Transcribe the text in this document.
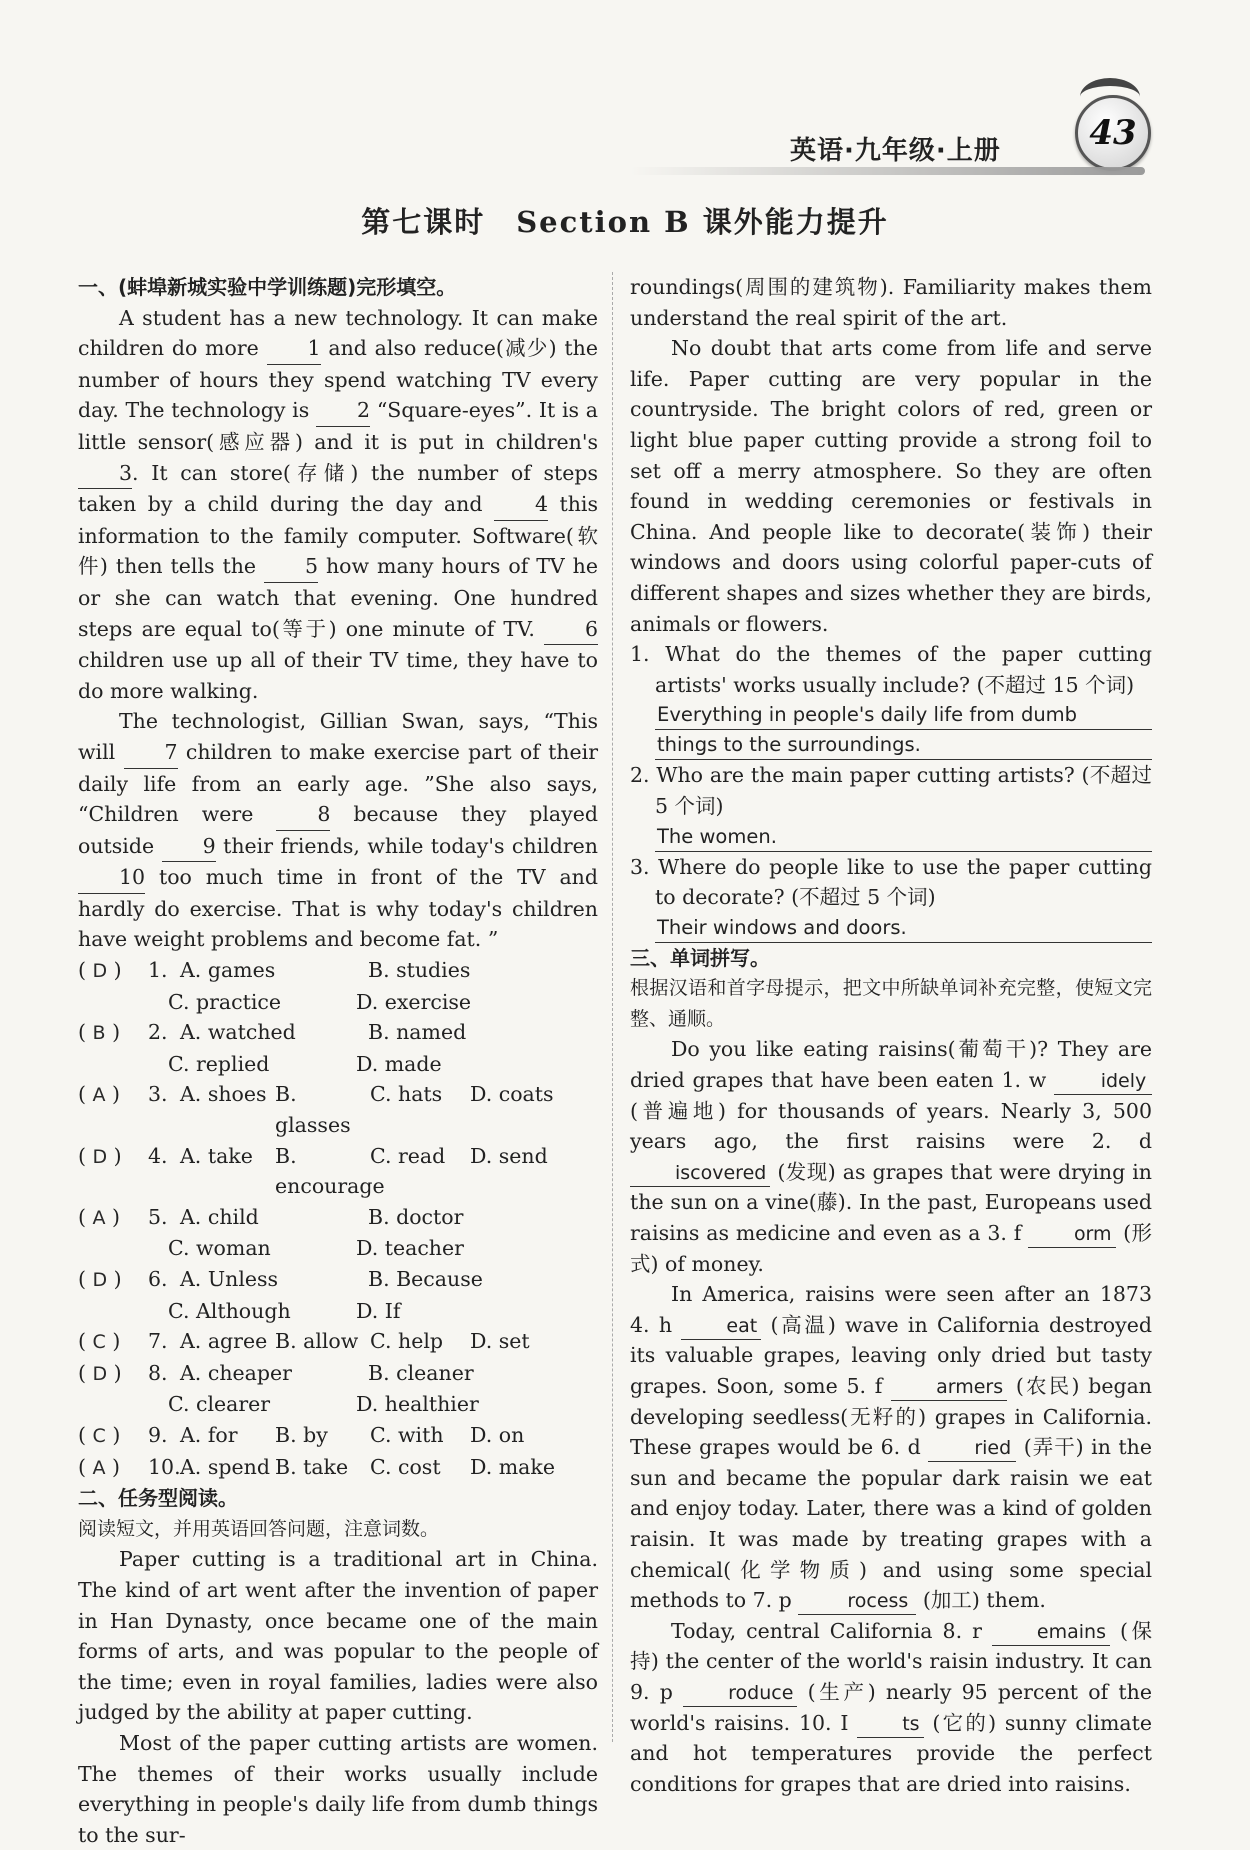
43
英语·九年级·上册
第七课时　Section B 课外能力提升
一、(蚌埠新城实验中学训练题)完形填空。

A student has a new technology. It can make children do more 1 and also reduce(减少) the number of hours they spend watching TV every day. The technology is 2 “Square-eyes”. It is a little sensor(感应器) and it is put in children's 3. It can store(存储) the number of steps taken by a child during the day and 4 this information to the family computer. Software(软件) then tells the 5 how many hours of TV he or she can watch that evening. One hundred steps are equal to(等于) one minute of TV. 6 children use up all of their TV time, they have to do more walking.

The technologist, Gillian Swan, says, “This will 7 children to make exercise part of their daily life from an early age. ”She also says, “Children were 8 because they played outside 9 their friends, while today's children 10 too much time in front of the TV and hardly do exercise. That is why today's children have weight problems and become fat. ”

( D )	1. A. games	B. studies
C. practice	D. exercise
( B )	2. A. watched	B. named
C. replied	D. made
( A )	3. A. shoes B. glasses
C. hats	D. coats
( D )	4. A. take	B. encourage
C. read	D. send
( A )	5. A. child	B. doctor
C. woman	D. teacher
( D )	6. A. Unless	B. Because
C. Although	D. If
( C )	7. A. agree B. allow C. help	D. set
( D )	8. A. cheaper	B. cleaner
C. clearer	D. healthier
( C )	9. A. for	B. by	C. with	D. on
( A )	10. A. spend B. take	C. cost	D. make
二、任务型阅读。
阅读短文，并用英语回答问题，注意词数。

Paper cutting is a traditional art in China. The kind of art went after the invention of paper in Han Dynasty, once became one of the main forms of arts, and was popular to the people of the time; even in royal families, ladies were also judged by the ability at paper cutting.

Most of the paper cutting artists are women. The themes of their works usually include everything in people's daily life from dumb things to the sur-

roundings(周围的建筑物). Familiarity makes them understand the real spirit of the art.

No doubt that arts come from life and serve life. Paper cutting are very popular in the countryside. The bright colors of red, green or light blue paper cutting provide a strong foil to set off a merry atmosphere. So they are often found in wedding ceremonies or festivals in China. And people like to decorate(装饰) their windows and doors using colorful paper-cuts of different shapes and sizes whether they are birds, animals or flowers.

1. What do the themes of the paper cutting artists' works usually include? (不超过 15 个词)

Everything in people's daily life from dumb
things to the surroundings.

2. Who are the main paper cutting artists? (不超过 5 个词)

The women.

3. Where do people like to use the paper cutting to decorate? (不超过 5 个词)

Their windows and doors.
三、单词拼写。

根据汉语和首字母提示，把文中所缺单词补充完整，使短文完整、通顺。

Do you like eating raisins(葡萄干)? They are dried grapes that have been eaten 1. w	idely (普遍地) for thousands of years. Nearly 3, 500 years ago, the first raisins were 2. d iscovered (发现) as grapes that were drying in the sun on a vine(藤). In the past, Europeans used raisins as medicine and even as a 3. f	orm (形式) of money.

In America, raisins were seen after an 1873 4. h	eat (高温) wave in California destroyed its valuable grapes, leaving only dried but tasty grapes. Soon, some 5. f	armers (农民) began developing seedless(无籽的) grapes in California. These grapes would be 6. d	ried (弄干) in the sun and became the popular dark raisin we eat and enjoy today. Later, there was a kind of golden raisin. It was made by treating grapes with a chemical(化学物质) and using some special methods to 7. p	rocess (加工) them.

Today, central California 8. r	emains (保持) the center of the world's raisin industry. It can 9. p	roduce (生产) nearly 95 percent of the world's raisins. 10. I	ts (它的) sunny climate and hot temperatures provide the perfect conditions for grapes that are dried into raisins.
